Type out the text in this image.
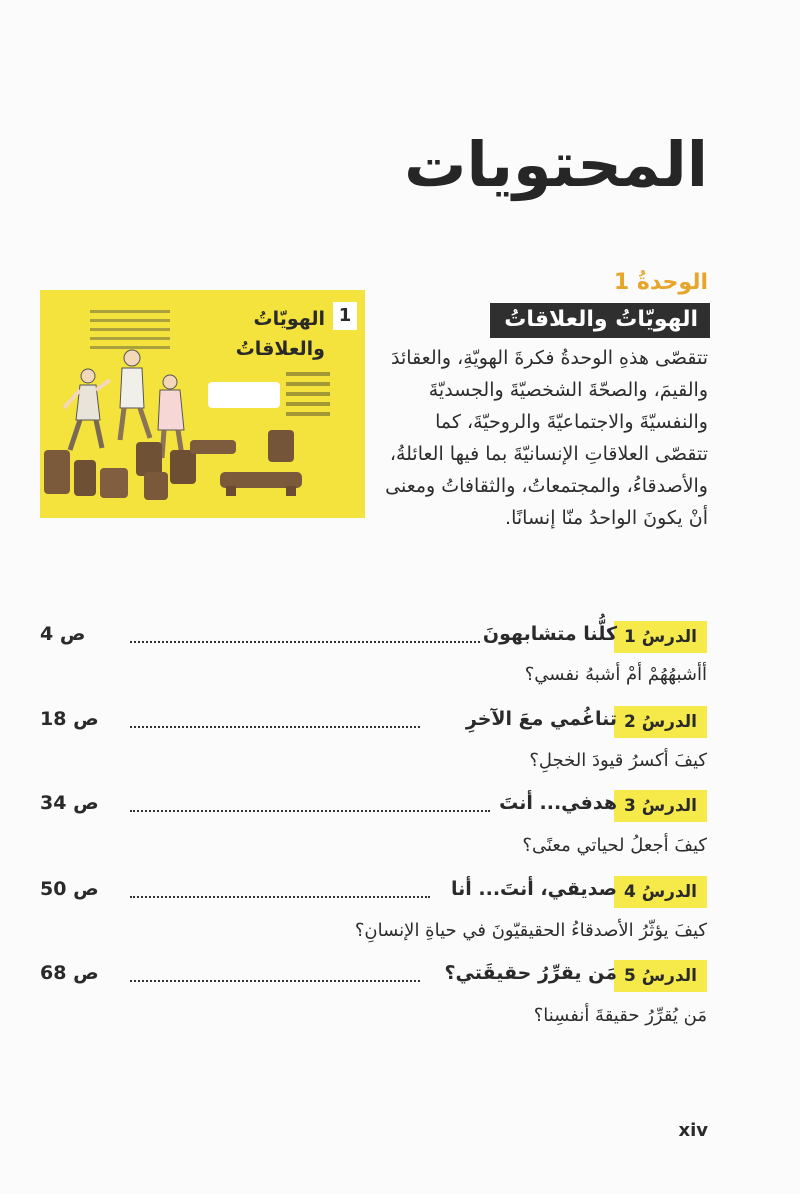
المحتويات
الوحدةُ 1
الهويّاتُ والعلاقاتُ
تتقصّى هذهِ الوحدةُ فكرةَ الهويّةِ، والعقائدَ والقيمَ، والصحّةَ الشخصيّةَ والجسديّةَ والنفسيّةَ والاجتماعيّةَ والروحيّةَ، كما تتقصّى العلاقاتِ الإنسانيّةَ بما فيها العائلةُ، والأصدقاءُ، والمجتمعاتُ، والثقافاتُ ومعنى أنْ يكونَ الواحدُ منّا إنسانًا.
1
الهويّاتُ
والعلاقاتُ
الدرسُ 1
كلُّنا متشابهونَ
ص 4
أأشبهُهُمْ أمْ أشبهُ نفسي؟
الدرسُ 2
تناغُمي معَ الآخرِ
ص 18
كيفَ أكسرُ قيودَ الخجلِ؟
الدرسُ 3
هدفي... أنتَ
ص 34
كيفَ أجعلُ لحياتي معنًى؟
الدرسُ 4
صديقي، أنتَ... أنا
ص 50
كيفَ يؤثّرُ الأصدقاءُ الحقيقيّونَ في حياةِ الإنسانِ؟
الدرسُ 5
مَن يقرِّرُ حقيقَتي؟
ص 68
مَن يُقرِّرُ حقيقةَ أنفسِنا؟
xiv
